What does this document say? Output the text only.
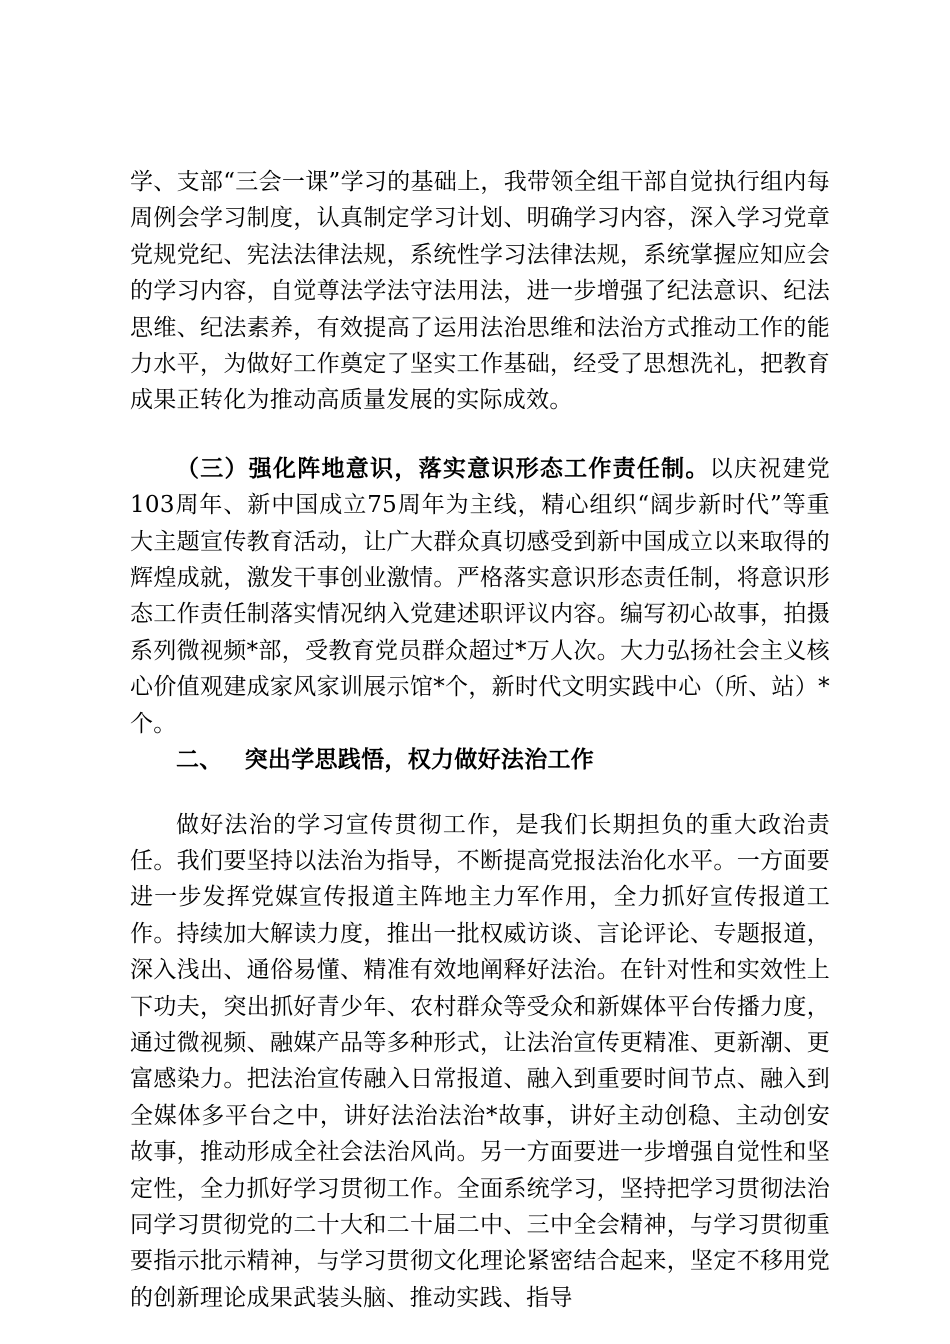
学、支部“三会一课”学习的基础上，我带领全组干部自觉执行组内每周例会学习制度，认真制定学习计划、明确学习内容，深入学习党章党规党纪、宪法法律法规，系统性学习法律法规，系统掌握应知应会的学习内容，自觉尊法学法守法用法，进一步增强了纪法意识、纪法思维、纪法素养，有效提高了运用法治思维和法治方式推动工作的能力水平，为做好工作奠定了坚实工作基础，经受了思想洗礼，把教育成果正转化为推动高质量发展的实际成效。

（三）强化阵地意识，落实意识形态工作责任制。以庆祝建党103周年、新中国成立75周年为主线，精心组织“阔步新时代”等重大主题宣传教育活动，让广大群众真切感受到新中国成立以来取得的辉煌成就，激发干事创业激情。严格落实意识形态责任制，将意识形态工作责任制落实情况纳入党建述职评议内容。编写初心故事，拍摄系列微视频*部，受教育党员群众超过*万人次。大力弘扬社会主义核心价值观建成家风家训展示馆*个，新时代文明实践中心（所、站）*个。

二、 突出学思践悟，权力做好法治工作

做好法治的学习宣传贯彻工作，是我们长期担负的重大政治责任。我们要坚持以法治为指导，不断提高党报法治化水平。一方面要进一步发挥党媒宣传报道主阵地主力军作用，全力抓好宣传报道工作。持续加大解读力度，推出一批权威访谈、言论评论、专题报道，深入浅出、通俗易懂、精准有效地阐释好法治。在针对性和实效性上下功夫，突出抓好青少年、农村群众等受众和新媒体平台传播力度，通过微视频、融媒产品等多种形式，让法治宣传更精准、更新潮、更富感染力。把法治宣传融入日常报道、融入到重要时间节点、融入到全媒体多平台之中，讲好法治法治*故事，讲好主动创稳、主动创安故事，推动形成全社会法治风尚。另一方面要进一步增强自觉性和坚定性，全力抓好学习贯彻工作。全面系统学习，坚持把学习贯彻法治同学习贯彻党的二十大和二十届二中、三中全会精神，与学习贯彻重要指示批示精神，与学习贯彻文化理论紧密结合起来，坚定不移用党的创新理论成果武装头脑、推动实践、指导
